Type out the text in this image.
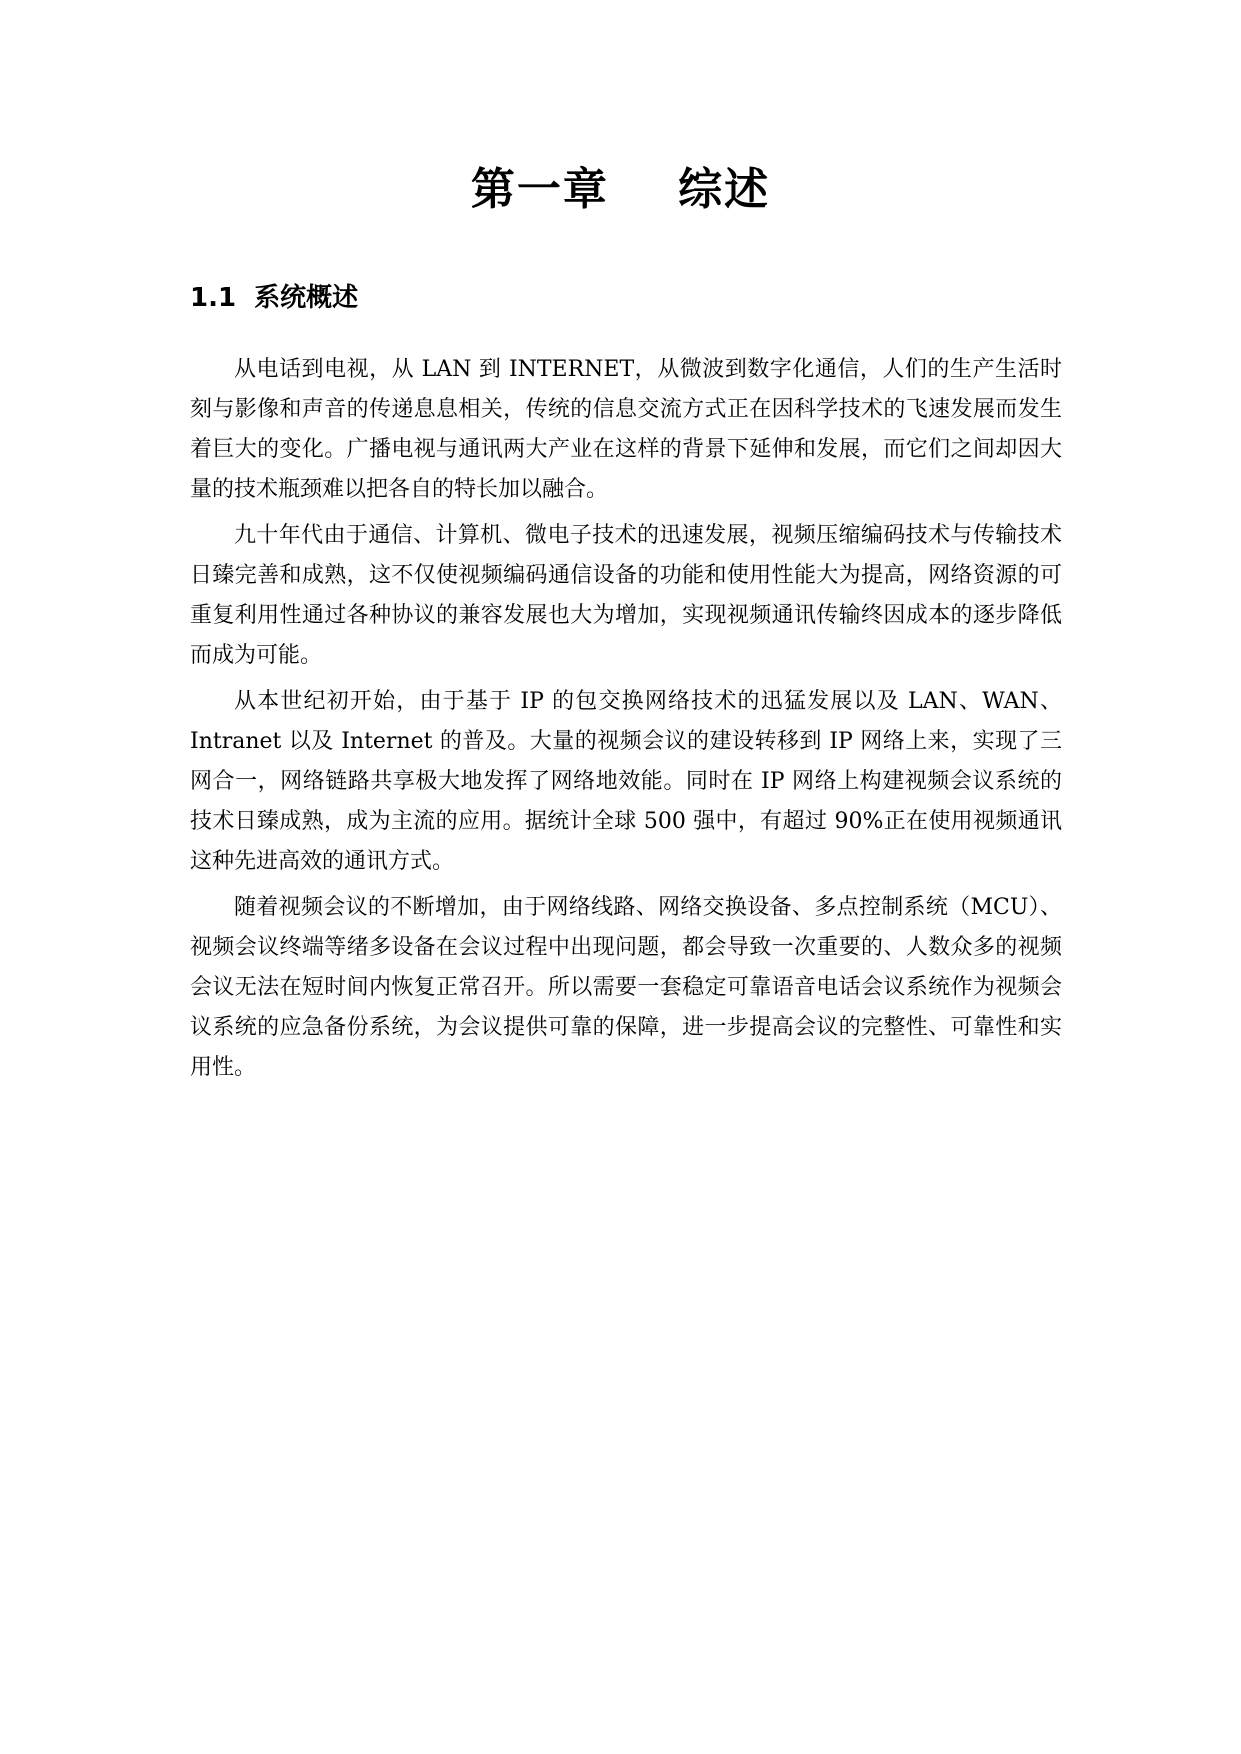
第一章    综述
1.1  系统概述

从电话到电视，从 LAN 到 INTERNET，从微波到数字化通信，人们的生产生活时刻与影像和声音的传递息息相关，传统的信息交流方式正在因科学技术的飞速发展而发生着巨大的变化。广播电视与通讯两大产业在这样的背景下延伸和发展，而它们之间却因大量的技术瓶颈难以把各自的特长加以融合。

九十年代由于通信、计算机、微电子技术的迅速发展，视频压缩编码技术与传输技术日臻完善和成熟，这不仅使视频编码通信设备的功能和使用性能大为提高，网络资源的可重复利用性通过各种协议的兼容发展也大为增加，实现视频通讯传输终因成本的逐步降低而成为可能。

从本世纪初开始，由于基于 IP 的包交换网络技术的迅猛发展以及 LAN、WAN、Intranet 以及 Internet 的普及。大量的视频会议的建设转移到 IP 网络上来，实现了三网合一，网络链路共享极大地发挥了网络地效能。同时在 IP 网络上构建视频会议系统的技术日臻成熟，成为主流的应用。据统计全球 500 强中，有超过 90%正在使用视频通讯这种先进高效的通讯方式。

随着视频会议的不断增加，由于网络线路、网络交换设备、多点控制系统（MCU）、视频会议终端等绪多设备在会议过程中出现问题，都会导致一次重要的、人数众多的视频会议无法在短时间内恢复正常召开。所以需要一套稳定可靠语音电话会议系统作为视频会议系统的应急备份系统，为会议提供可靠的保障，进一步提高会议的完整性、可靠性和实用性。
